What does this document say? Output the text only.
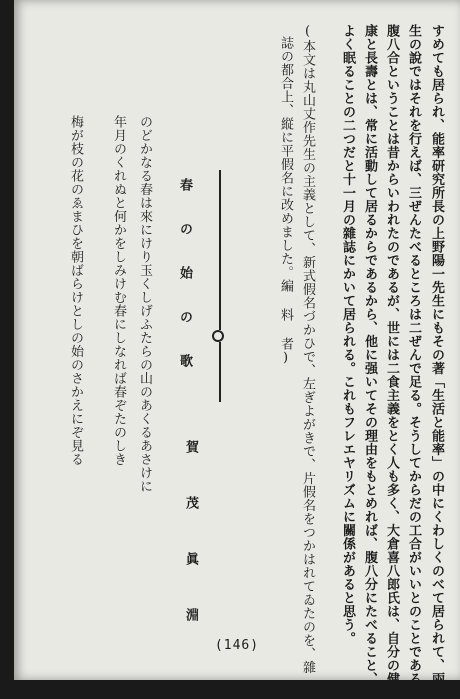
すめても居られ、能率研究所長の上野陽一先生にもその著「生活と能率」の中にくわしくのべて居られて、兩先
生の說ではそれを行えば、三ぜんたべるところは二ぜんで足る。そうしてからだの工合がいいとのことである。
腹八合ということは昔からいわれたのであるが、世には二食主義をとく人も多く、大倉喜八郎氏は、自分の健
康と長壽とは、常に活動して居るからであるから、他に强いてその理由をもとめれば、腹八分にたべること、
よく眠ることの二つだと十一月の雜誌にかいて居られる。これもフレエヤリズムに關係があると思う。
(本文は丸山丈作先生の主義として、新式假名づかひで、左ぎよがきで、片假名をつかはれてゐたのを、雜
誌の都合上、縦に平假名に改めました。編 料 者)
春 の 始 の 歌
賀 茂 眞 淵
のどかなる春は來にけり玉くしげふたらの山のあくるあさけに
年月のくれぬと何かをしみけむ春にしなれば春ぞたのしき
梅が枝の花のゑまひを朝ばらけとしの始のさかえにぞ見る
(146)
